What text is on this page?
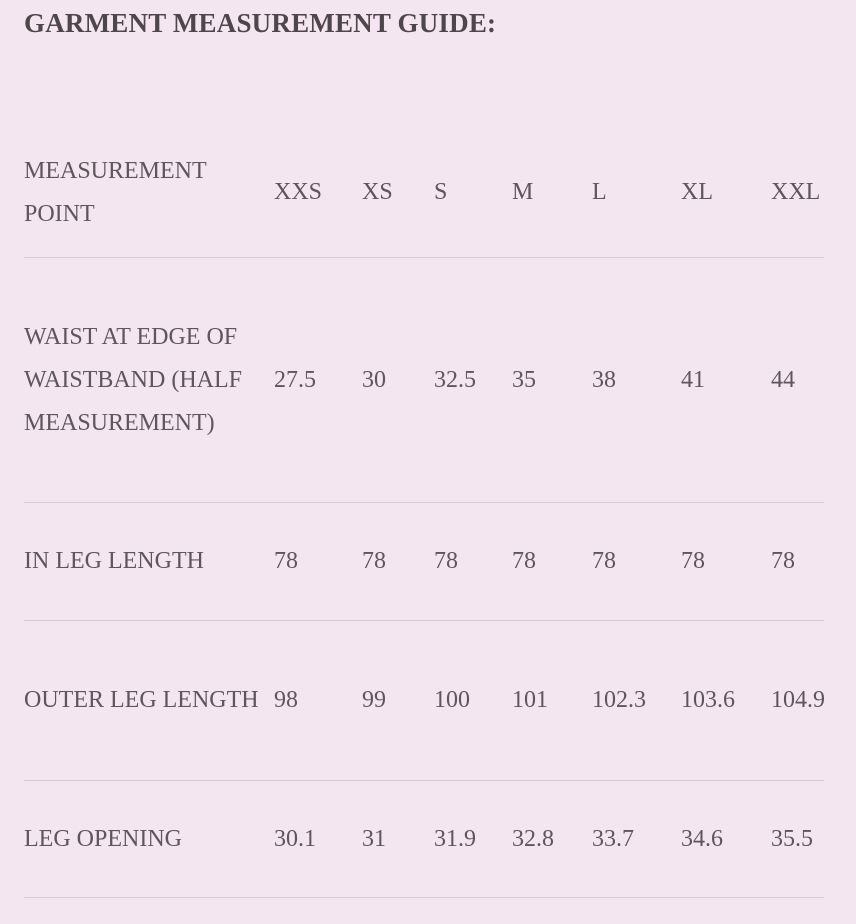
GARMENT MEASUREMENT GUIDE:
MEASUREMENT POINT	XXS	XS	S	M	L	XL	XXL
WAIST AT EDGE OF WAISTBAND (HALF MEASUREMENT)	27.5	30	32.5	35	38	41	44
IN LEG LENGTH	78	78	78	78	78	78	78
OUTER LEG LENGTH	98	99	100	101	102.3	103.6	104.9
LEG OPENING	30.1	31	31.9	32.8	33.7	34.6	35.5
